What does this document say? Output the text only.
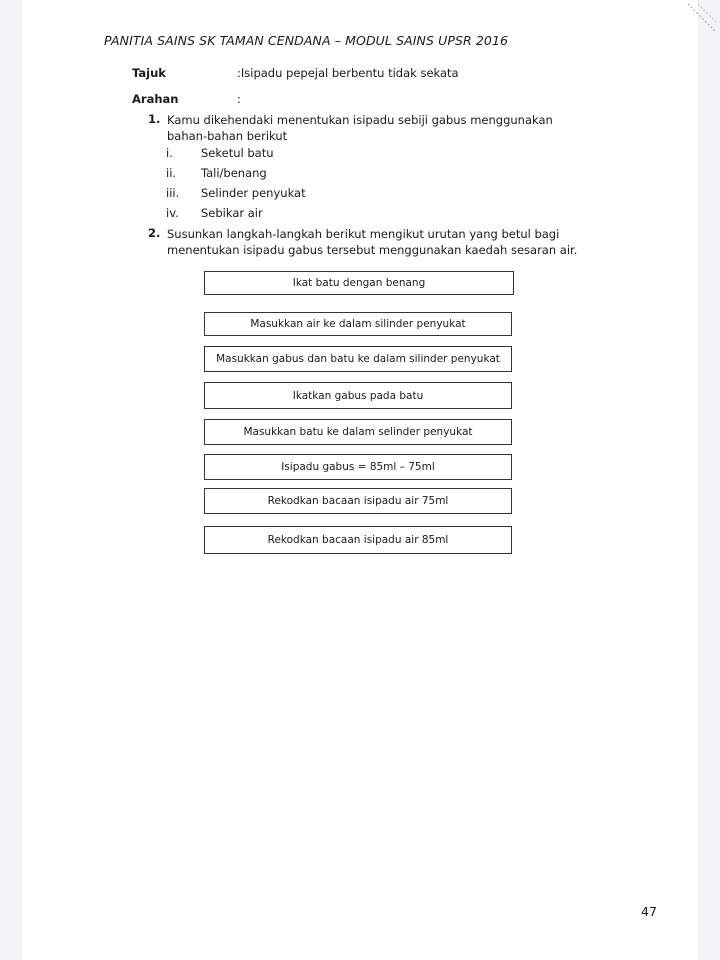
PANITIA SAINS SK TAMAN CENDANA – MODUL SAINS UPSR 2016
Tajuk	:Isipadu pepejal berbentu tidak sekata
Arahan	:
1. Kamu dikehendaki menentukan isipadu sebiji gabus menggunakan
bahan-bahan berikut
i. Seketul batu
ii. Tali/benang
iii. Selinder penyukat
iv. Sebikar air
2. Susunkan langkah-langkah berikut mengikut urutan yang betul bagi
menentukan isipadu gabus tersebut menggunakan kaedah sesaran air.
Ikat batu dengan benang
Masukkan air ke dalam silinder penyukat
Masukkan gabus dan batu ke dalam silinder penyukat
Ikatkan gabus pada batu
Masukkan batu ke dalam selinder penyukat
Isipadu gabus = 85ml – 75ml
Rekodkan bacaan isipadu air 75ml
Rekodkan bacaan isipadu air 85ml
47
